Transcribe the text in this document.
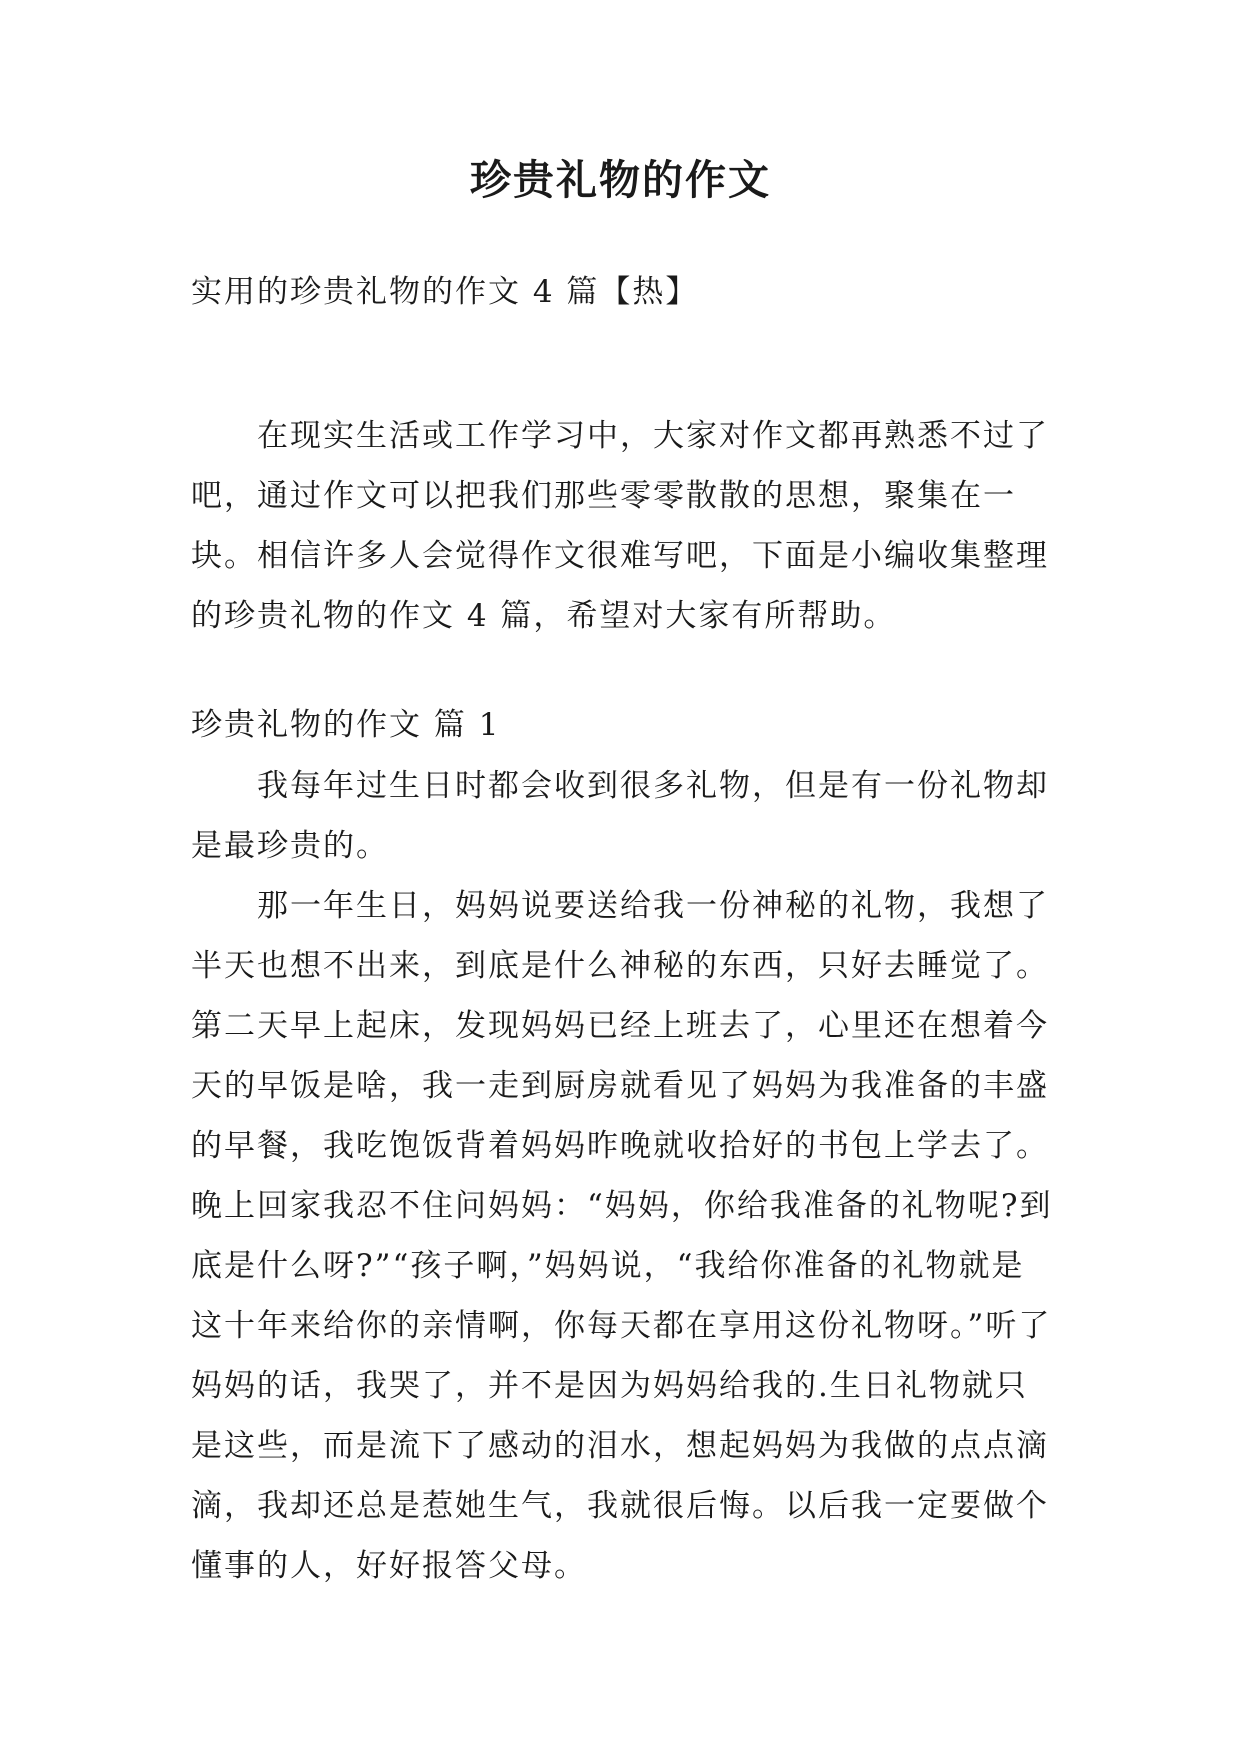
珍贵礼物的作文

实用的珍贵礼物的作文 4 篇【热】

在现实生活或工作学习中，大家对作文都再熟悉不过了吧，通过作文可以把我们那些零零散散的思想，聚集在一块。相信许多人会觉得作文很难写吧，下面是小编收集整理的珍贵礼物的作文 4 篇，希望对大家有所帮助。

珍贵礼物的作文 篇 1

我每年过生日时都会收到很多礼物，但是有一份礼物却是最珍贵的。

那一年生日，妈妈说要送给我一份神秘的礼物，我想了半天也想不出来，到底是什么神秘的东西，只好去睡觉了。第二天早上起床，发现妈妈已经上班去了，心里还在想着今天的早饭是啥，我一走到厨房就看见了妈妈为我准备的丰盛的早餐，我吃饱饭背着妈妈昨晚就收拾好的书包上学去了。晚上回家我忍不住问妈妈：“妈妈，你给我准备的礼物呢?到底是什么呀?”“孩子啊，”妈妈说，“我给你准备的礼物就是这十年来给你的亲情啊，你每天都在享用这份礼物呀。”听了妈妈的话，我哭了，并不是因为妈妈给我的.生日礼物就只是这些，而是流下了感动的泪水，想起妈妈为我做的点点滴滴，我却还总是惹她生气，我就很后悔。以后我一定要做个懂事的人，好好报答父母。
